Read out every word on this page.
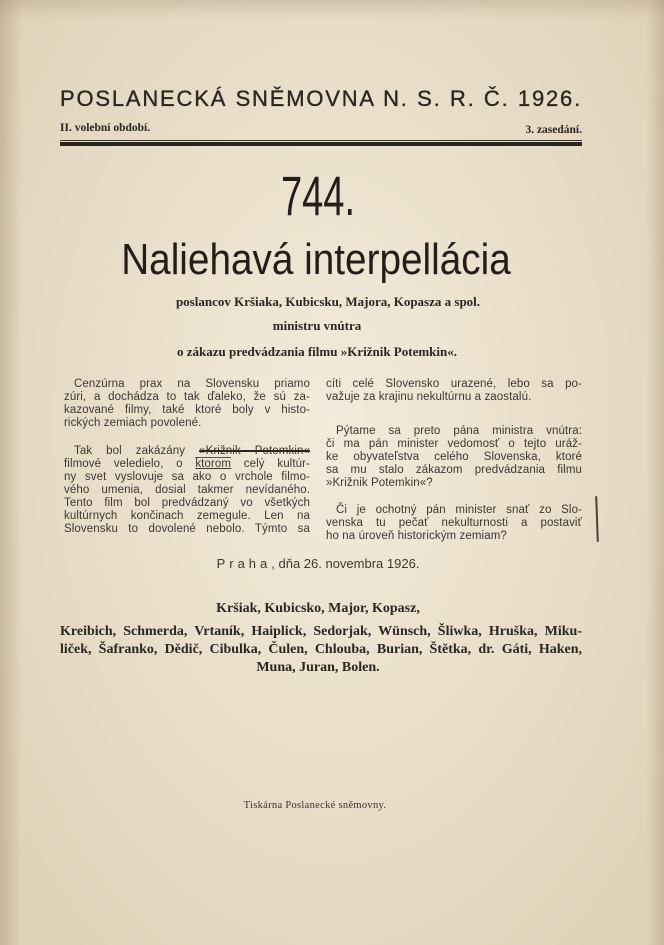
POSLANECKÁ SNĚMOVNA N. S. R. Č. 1926.
II. volební období.	3. zasedání.
744.
Naliehavá interpellácia
poslancov Kršiaka, Kubicsku, Majora, Kopasza a spol.
ministru vnútra
o zákazu predvádzania filmu »Križnik Potemkin«.
Cenzúrna prax na Slovensku priamo
zúri, a dochádza to tak ďaleko, že sú za-
kazované filmy, také ktoré boly v histo-
rických zemiach povolené.
Tak bol zakázány »Križnik Potemkin«
filmové veledielo, o ktorom celý kultúr-
ny svet vyslovuje sa ako o vrchole filmo-
vého umenia, dosial takmer nevídaného.
Tento film bol predvádzaný vo všetkých
kultúrnych končinach zemegule. Len na
Slovensku to dovolené nebolo. Týmto sa
cíti celé Slovensko urazené, lebo sa po-
važuje za krajinu nekultúrnu a zaostalú.
Pýtame sa preto pána ministra vnútra:
či ma pán minister vedomosť o tejto uráž-
ke obyvateľstva celého Slovenska, ktoré
sa mu stalo zákazom predvádzania filmu
»Križnik Potemkin«?
Či je ochotný pán minister snať zo Slo-
venska tu pečať nekulturnosti a postaviť
ho na úroveň historickým zemiam?
Praha, dňa 26. novembra 1926.
Kršiak, Kubicsko, Major, Kopasz,
Kreibich, Schmerda, Vrtaník, Haiplick, Sedorjak, Wünsch, Šliwka, Hruška, Miku-
liček, Šafranko, Dědič, Cibulka, Čulen, Chlouba, Burian, Štětka, dr. Gáti, Haken,
Muna, Juran, Bolen.
Tiskárna Poslanecké sněmovny.
